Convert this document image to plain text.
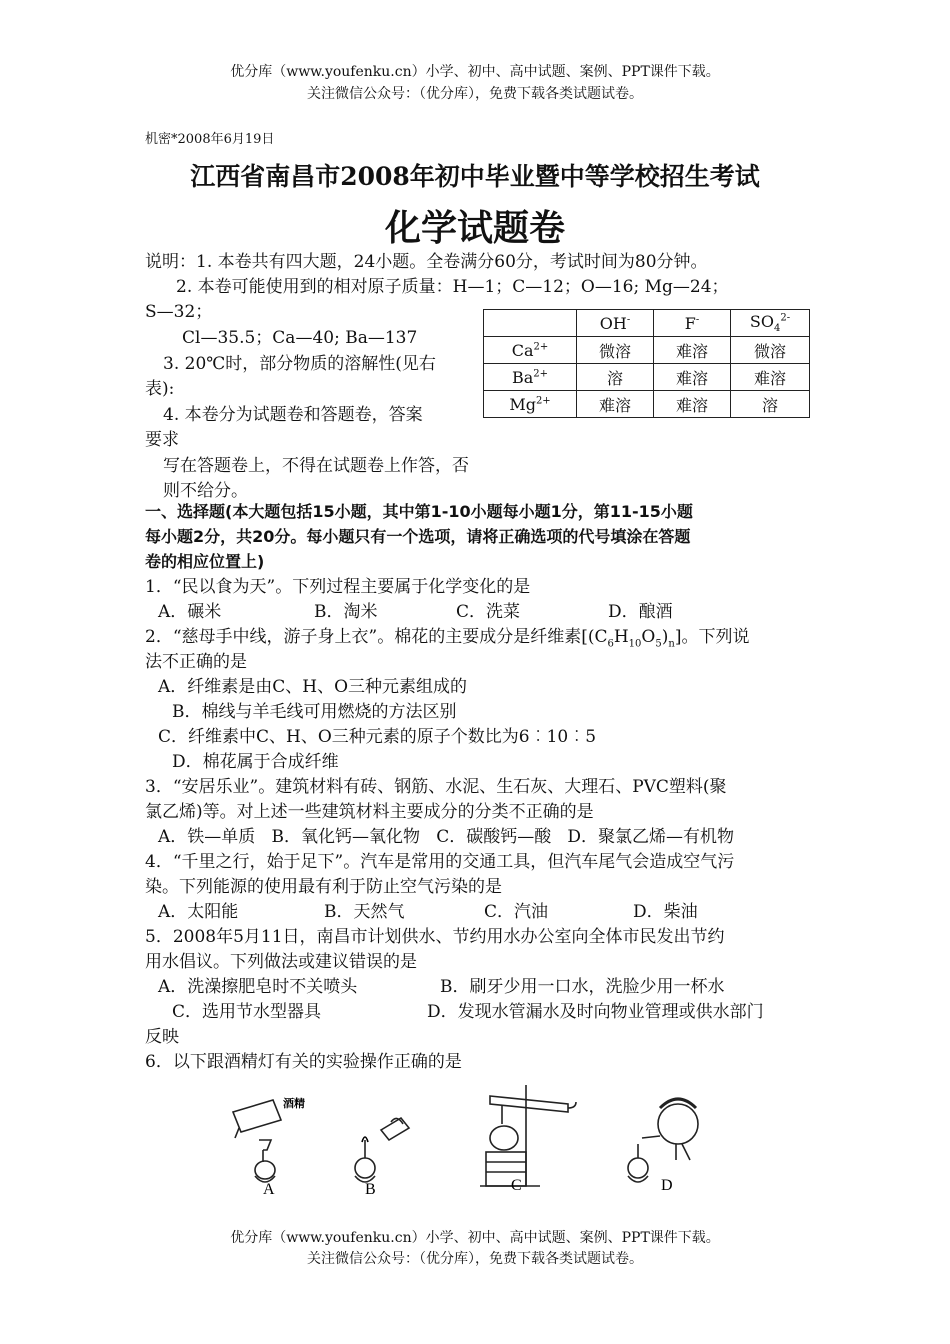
优分库（www.youfenku.cn）小学、初中、高中试题、案例、PPT课件下载。
关注微信公众号：（优分库），免费下载各类试题试卷。
机密*2008年6月19日
江西省南昌市2008年初中毕业暨中等学校招生考试
化学试题卷
说明：1. 本卷共有四大题，24小题。全卷满分60分，考试时间为80分钟。
2. 本卷可能使用到的相对原子质量：H—1；C—12；O—16; Mg—24；
S—32；
Cl—35.5；Ca—40; Ba—137
3. 20℃时，部分物质的溶解性(见右
表):
4. 本卷分为试题卷和答题卷，答案
要求
写在答题卷上，不得在试题卷上作答，否
则不给分。
	OH-	F-	$SO_4^{2-}$
$Ca^{2+}$	微溶	难溶	微溶
$Ba^{2+}$	溶	难溶	难溶
$Mg^{2+}$	难溶	难溶	溶
一、选择题(本大题包括15小题，其中第1-10小题每小题1分，第11-15小题
每小题2分，共20分。每小题只有一个选项，请将正确选项的代号填涂在答题
卷的相应位置上)
1．“民以食为天”。下列过程主要属于化学变化的是
A．碾米	B．淘米	C．洗菜	D．酿酒
2．“慈母手中线，游子身上衣”。棉花的主要成分是纤维素$[(C_6H_{10}O_5)_n]$。下列说
法不正确的是
A．纤维素是由C、H、O三种元素组成的
B．棉线与羊毛线可用燃烧的方法区别
C．纤维素中C、H、O三种元素的原子个数比为6︰10︰5
D．棉花属于合成纤维
3．“安居乐业”。建筑材料有砖、钢筋、水泥、生石灰、大理石、PVC塑料(聚
氯乙烯)等。对上述一些建筑材料主要成分的分类不正确的是
A．铁—单质   B．氧化钙—氧化物   C．碳酸钙—酸   D．聚氯乙烯—有机物
4．“千里之行，始于足下”。汽车是常用的交通工具，但汽车尾气会造成空气污
染。下列能源的使用最有利于防止空气污染的是
A．太阳能	B．天然气	C．汽油	D．柴油
5．2008年5月11日，南昌市计划供水、节约用水办公室向全体市民发出节约
用水倡议。下列做法或建议错误的是
A．洗澡擦肥皂时不关喷头	B．刷牙少用一口水，洗脸少用一杯水
C．选用节水型器具	D．发现水管漏水及时向物业管理或供水部门
反映
6．以下跟酒精灯有关的实验操作正确的是
酒精
A	B	C	D
优分库（www.youfenku.cn）小学、初中、高中试题、案例、PPT课件下载。
关注微信公众号：（优分库），免费下载各类试题试卷。
